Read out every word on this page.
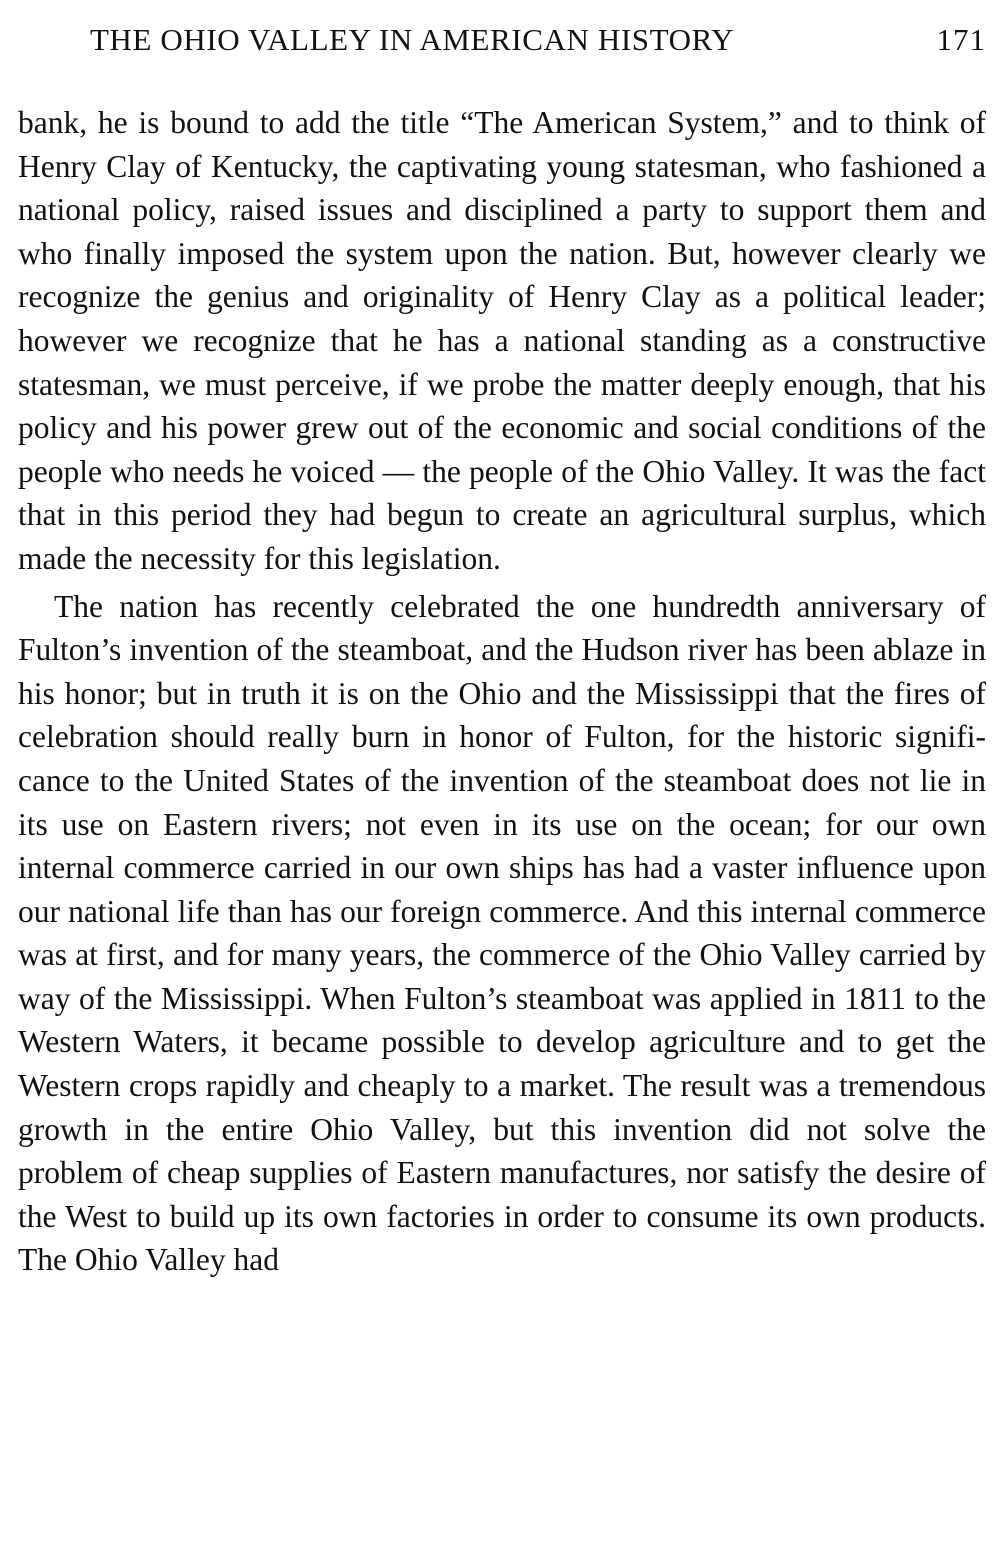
THE OHIO VALLEY IN AMERICAN HISTORY	171

bank, he is bound to add the title “The American System,” and to think of Henry Clay of Kentucky, the captivating young statesman, who fashioned a national policy, raised issues and disciplined a party to support them and who finally imposed the system upon the nation. But, however clearly we recognize the genius and originality of Henry Clay as a political leader; however we recognize that he has a national standing as a constructive statesman, we must perceive, if we probe the matter deeply enough, that his policy and his power grew out of the economic and social conditions of the people who needs he voiced — the people of the Ohio Valley. It was the fact that in this period they had begun to create an agricultural surplus, which made the necessity for this legislation.

The nation has recently celebrated the one hundredth anniversary of Fulton’s invention of the steamboat, and the Hudson river has been ablaze in his honor; but in truth it is on the Ohio and the Mississippi that the fires of celebration should really burn in honor of Fulton, for the historic significance to the United States of the invention of the steamboat does not lie in its use on Eastern rivers; not even in its use on the ocean; for our own internal commerce carried in our own ships has had a vaster influence upon our national life than has our foreign commerce. And this internal commerce was at first, and for many years, the commerce of the Ohio Valley carried by way of the Mississippi. When Fulton’s steamboat was applied in 1811 to the Western Waters, it became possible to develop agriculture and to get the Western crops rapidly and cheaply to a market. The result was a tremendous growth in the entire Ohio Valley, but this invention did not solve the problem of cheap supplies of Eastern manufactures, nor satisfy the desire of the West to build up its own factories in order to consume its own products. The Ohio Valley had
